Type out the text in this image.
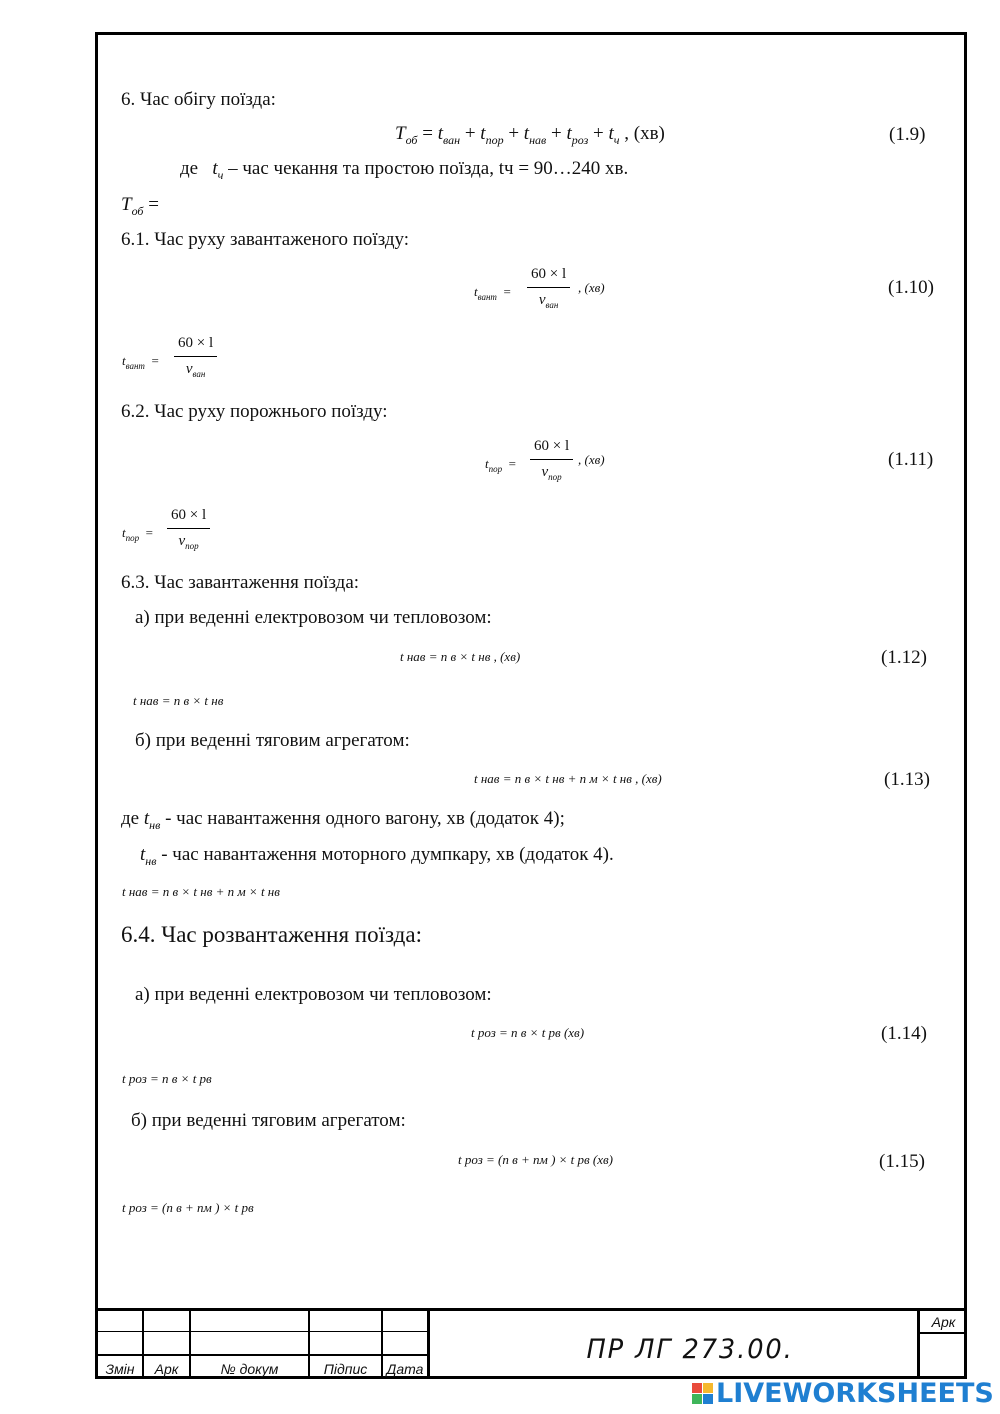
6. Час обігу поїзда:
$T_{об} = t_{ван} + t_{пор} + t_{нав} + t_{роз} + t_ч$ , (хв)	(1.9)
де $t_ч$ – час чекання та простою поїзда, tч = 90…240 хв.
$T_{об}$ =
6.1. Час руху завантаженого поїзду:
$t_{вант}$  =
60 × l
$v_{ван}$
, (хв)	(1.10)
$t_{вант}$  =
60 × l
$v_{ван}$
6.2. Час руху порожнього поїзду:
$t_{пор}$  =
60 × l
$v_{пор}$
, (хв)	(1.11)
$t_{пор}$  =
60 × l
$v_{пор}$
6.3. Час завантаження поїзда:
а) при веденні електровозом чи тепловозом:
t нав = n в × t нв , (хв)	(1.12)
t нав = n в × t нв
б) при веденні тяговим агрегатом:
t нав = n в × t нв + n м × t нв , (хв)	(1.13)
де $t_{нв}$ - час навантаження одного вагону, хв (додаток 4);
$t_{нв}$ - час навантаження моторного думпкару, хв (додаток 4).
t нав = n в × t нв + n м × t нв
6.4. Час розвантаження поїзда:
а) при веденні електровозом чи тепловозом:
t роз = n в × t рв (хв)	(1.14)
t роз = n в × t рв
б) при веденні тяговим агрегатом:
t роз = (n в + nм ) × t рв (хв)	(1.15)
t роз = (n в + nм ) × t рв
Змін	Арк	№ докум	Підпис	Дата
ПР ЛГ 273.00.
Арк
LIVEWORKSHEETS
